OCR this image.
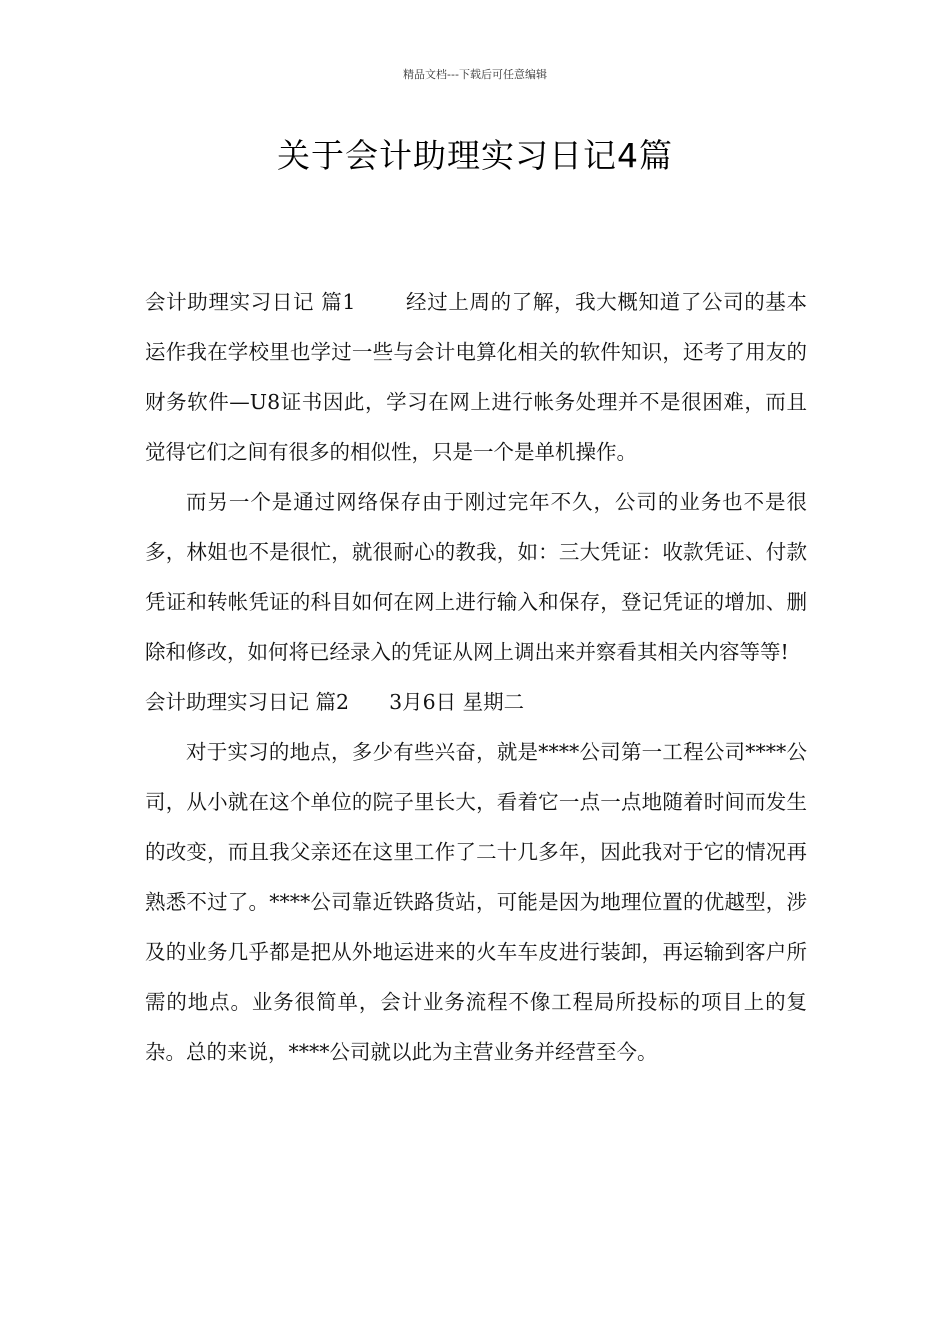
精品文档---下载后可任意编辑
关于会计助理实习日记4篇

会计助理实习日记 篇1 经过上周的了解，我大概知道了公司的基本运作我在学校里也学过一些与会计电算化相关的软件知识，还考了用友的财务软件—U8证书因此，学习在网上进行帐务处理并不是很困难，而且觉得它们之间有很多的相似性，只是一个是单机操作。

而另一个是通过网络保存由于刚过完年不久，公司的业务也不是很多，林姐也不是很忙，就很耐心的教我，如：三大凭证：收款凭证、付款凭证和转帐凭证的科目如何在网上进行输入和保存，登记凭证的增加、删除和修改，如何将已经录入的凭证从网上调出来并察看其相关内容等等!

会计助理实习日记 篇2 3月6日 星期二

对于实习的地点，多少有些兴奋，就是****公司第一工程公司****公司，从小就在这个单位的院子里长大，看着它一点一点地随着时间而发生的改变，而且我父亲还在这里工作了二十几多年，因此我对于它的情况再熟悉不过了。****公司靠近铁路货站，可能是因为地理位置的优越型，涉及的业务几乎都是把从外地运进来的火车车皮进行装卸，再运输到客户所需的地点。业务很简单，会计业务流程不像工程局所投标的项目上的复杂。总的来说，****公司就以此为主营业务并经营至今。
